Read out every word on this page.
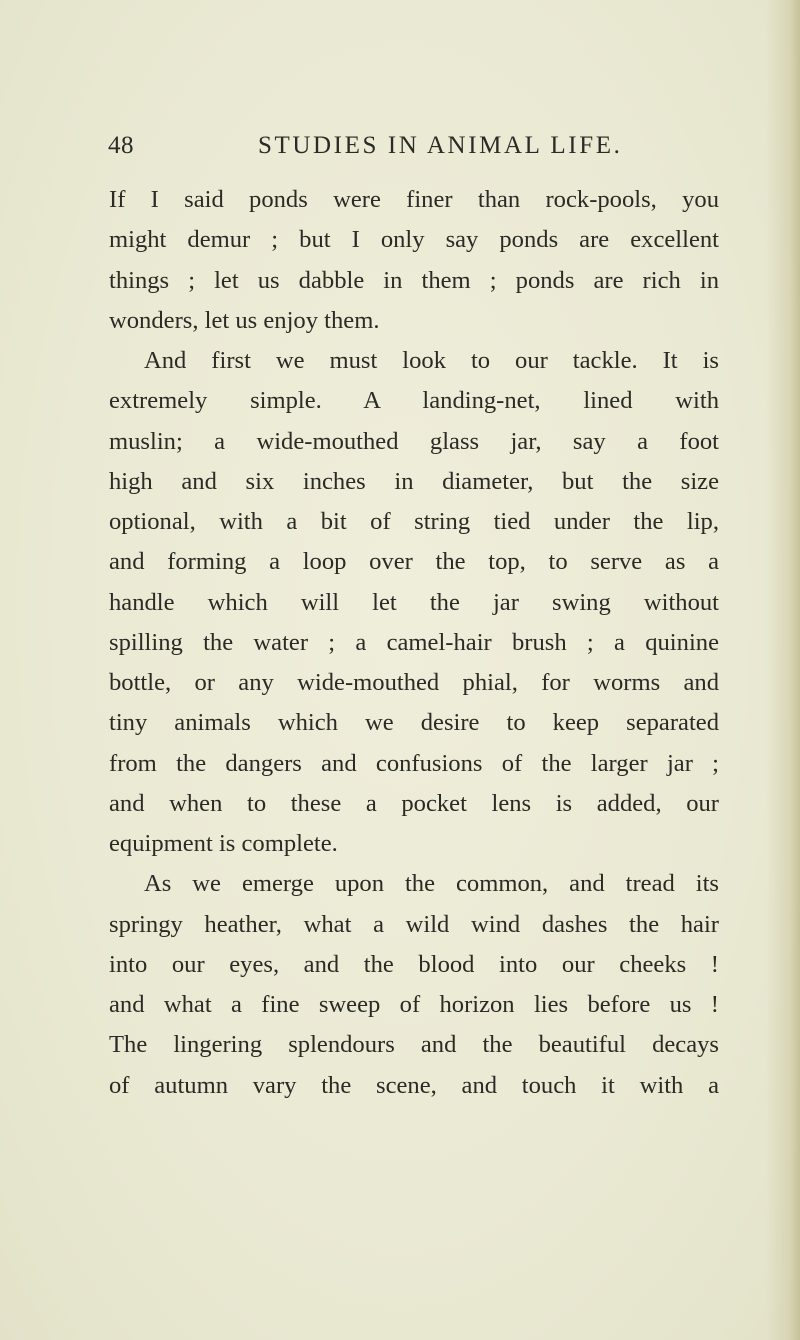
48	STUDIES IN ANIMAL LIFE.
If I said ponds were finer than rock-pools, you
might demur ; but I only say ponds are excellent
things ; let us dabble in them ; ponds are rich in
wonders, let us enjoy them.
And first we must look to our tackle. It is
extremely simple. A landing-net, lined with
muslin; a wide-mouthed glass jar, say a foot
high and six inches in diameter, but the size
optional, with a bit of string tied under the lip,
and forming a loop over the top, to serve as a
handle which will let the jar swing without
spilling the water ; a camel-hair brush ; a quinine
bottle, or any wide-mouthed phial, for worms and
tiny animals which we desire to keep separated
from the dangers and confusions of the larger jar ;
and when to these a pocket lens is added, our
equipment is complete.
As we emerge upon the common, and tread its
springy heather, what a wild wind dashes the hair
into our eyes, and the blood into our cheeks !
and what a fine sweep of horizon lies before us !
The lingering splendours and the beautiful decays
of autumn vary the scene, and touch it with a
